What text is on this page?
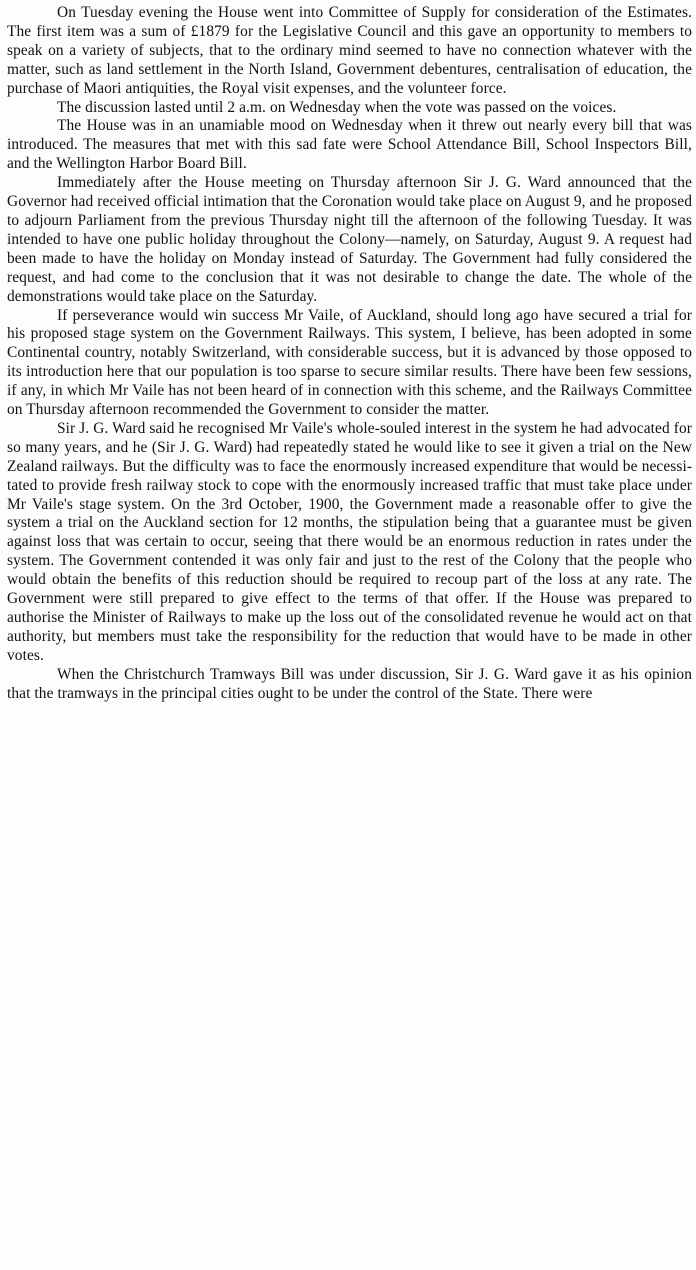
On Tuesday evening the House went into Committee of Supply for consideration of the Estimates. The first item was a sum of £1879 for the Legislative Council and this gave an opportunity to members to speak on a variety of subjects, that to the ordinary mind seemed to have no connection whatever with the matter, such as land settlement in the North Island, Government debentures, centralisation of education, the purchase of Maori antiquities, the Royal visit expenses, and the volunteer force.

The discussion lasted until 2 a.m. on Wednesday when the vote was passed on the voices.

The House was in an unamiable mood on Wednesday when it threw out nearly every bill that was introduced. The measures that met with this sad fate were School Attendance Bill, School Inspectors Bill, and the Wellington Harbor Board Bill.

Immediately after the House meeting on Thursday afternoon Sir J. G. Ward announced that the Governor had received official intimation that the Coronation would take place on August 9, and he proposed to adjourn Parliament from the previous Thursday night till the afternoon of the following Tuesday. It was intended to have one public holiday throughout the Colony—namely, on Saturday, August 9. A request had been made to have the holiday on Monday instead of Saturday. The Government had fully considered the request, and had come to the conclusion that it was not desirable to change the date. The whole of the demonstrations would take place on the Saturday.

If perseverance would win success Mr Vaile, of Auckland, should long ago have secured a trial for his proposed stage system on the Government Railways. This system, I believe, has been adopted in some Continental country, notably Switzerland, with considerable success, but it is advanced by those opposed to its introduction here that our population is too sparse to secure similar results. There have been few sessions, if any, in which Mr Vaile has not been heard of in connection with this scheme, and the Railways Committee on Thursday afternoon recommended the Government to consider the matter.

Sir J. G. Ward said he recognised Mr Vaile's whole-souled interest in the system he had advocated for so many years, and he (Sir J. G. Ward) had repeatedly stated he would like to see it given a trial on the New Zealand railways. But the difficulty was to face the enormously increased expenditure that would be necessitated to provide fresh railway stock to cope with the enormously increased traffic that must take place under Mr Vaile's stage system. On the 3rd October, 1900, the Government made a reasonable offer to give the system a trial on the Auckland section for 12 months, the stipulation being that a guarantee must be given against loss that was certain to occur, seeing that there would be an enormous reduction in rates under the system. The Government contended it was only fair and just to the rest of the Colony that the people who would obtain the benefits of this reduction should be required to recoup part of the loss at any rate. The Government were still prepared to give effect to the terms of that offer. If the House was prepared to authorise the Minister of Railways to make up the loss out of the consolidated revenue he would act on that authority, but members must take the responsibility for the reduction that would have to be made in other votes.

When the Christchurch Tramways Bill was under discussion, Sir J. G. Ward gave it as his opinion that the tramways in the principal cities ought to be under the control of the State. There were
